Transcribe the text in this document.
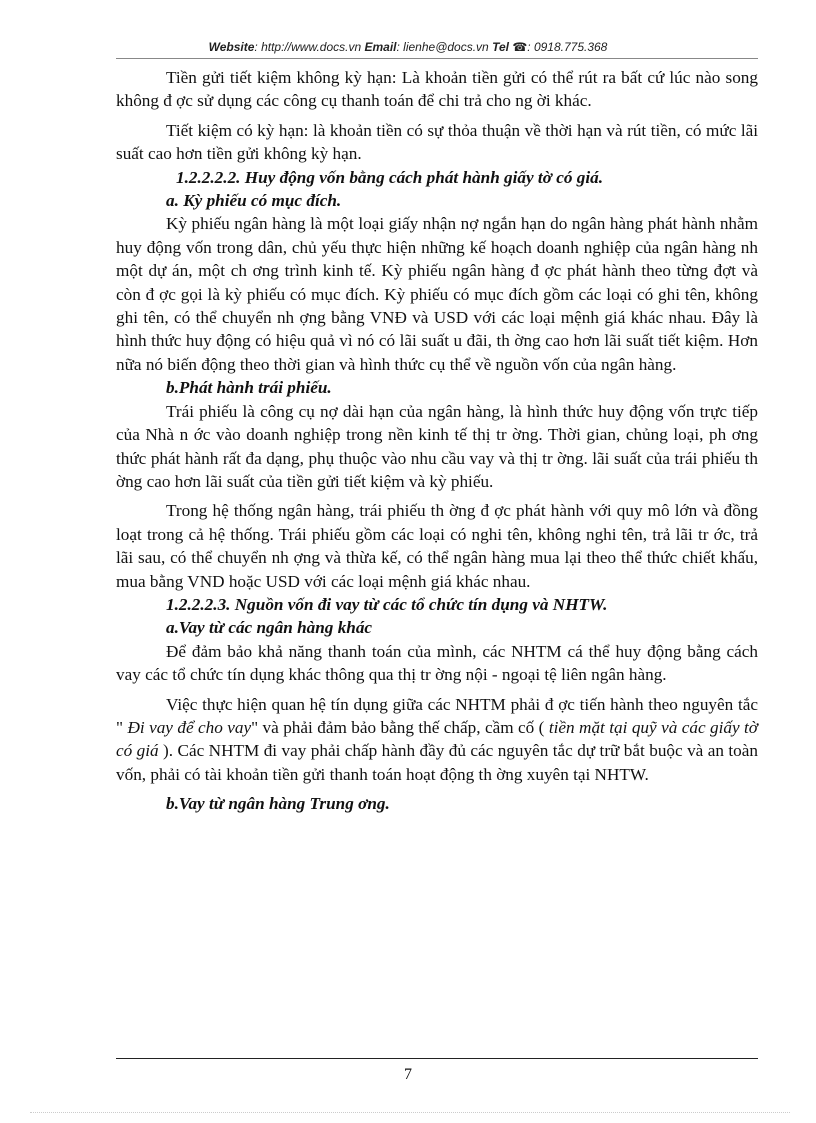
Website: http://www.docs.vn Email: lienhe@docs.vn Tel ☎: 0918.775.368

Tiền gửi tiết kiệm không kỳ hạn: Là khoản tiền gửi có thể rút ra bất cứ lúc nào song không đ ợc sử dụng các công cụ thanh toán để chi trả cho ng ời khác.

Tiết kiệm có kỳ hạn: là khoản tiền có sự thỏa thuận về thời hạn và rút tiền, có mức lãi suất cao hơn tiền gửi không kỳ hạn.

1.2.2.2.2. Huy động vốn bằng cách phát hành giấy tờ có giá.

a. Kỳ phiếu có mục đích.

Kỳ phiếu ngân hàng là một loại giấy nhận nợ ngắn hạn do ngân hàng phát hành nhằm huy động vốn trong dân, chủ yếu thực hiện những kế hoạch doanh nghiệp của ngân hàng nh một dự án, một ch ơng trình kinh tế. Kỳ phiếu ngân hàng đ ợc phát hành theo từng đợt và còn đ ợc gọi là kỳ phiếu có mục đích. Kỳ phiếu có mục đích gồm các loại có ghi tên, không ghi tên, có thể chuyển nh ợng bằng VNĐ và USD với các loại mệnh giá khác nhau. Đây là hình thức huy động có hiệu quả vì nó có lãi suất u đãi, th ờng cao hơn lãi suất tiết kiệm. Hơn nữa nó biến động theo thời gian và hình thức cụ thể về nguồn vốn của ngân hàng.

b.Phát hành trái phiếu.

Trái phiếu là công cụ nợ dài hạn của ngân hàng, là hình thức huy động vốn trực tiếp của Nhà n ớc vào doanh nghiệp trong nền kinh tế thị tr ờng. Thời gian, chủng loại, ph ơng thức phát hành rất đa dạng, phụ thuộc vào nhu cầu vay và thị tr ờng. lãi suất của trái phiếu th ờng cao hơn lãi suất của tiền gửi tiết kiệm và kỳ phiếu.

Trong hệ thống ngân hàng, trái phiếu th ờng đ ợc phát hành với quy mô lớn và đồng loạt trong cả hệ thống. Trái phiếu gồm các loại có nghi tên, không nghi tên, trả lãi tr ớc, trả lãi sau, có thể chuyển nh ợng và thừa kế, có thể ngân hàng mua lại theo thể thức chiết khấu, mua bằng VND hoặc USD với các loại mệnh giá khác nhau.

1.2.2.2.3. Nguồn vốn đi vay từ các tổ chức tín dụng và NHTW.

a.Vay từ các ngân hàng khác

Để đảm bảo khả năng thanh toán của mình, các NHTM cá thể huy động bằng cách vay các tổ chức tín dụng khác thông qua thị tr ờng nội - ngoại tệ liên ngân hàng.

Việc thực hiện quan hệ tín dụng giữa các NHTM phải đ ợc tiến hành theo nguyên tắc " Đi vay để cho vay" và phải đảm bảo bằng thế chấp, cầm cố ( tiền mặt tại quỹ và các giấy tờ có giá ). Các NHTM đi vay phải chấp hành đầy đủ các nguyên tắc dự trữ bắt buộc và an toàn vốn, phải có tài khoản tiền gửi thanh toán hoạt động th ờng xuyên tại NHTW.

b.Vay từ ngân hàng Trung ơng.

7
